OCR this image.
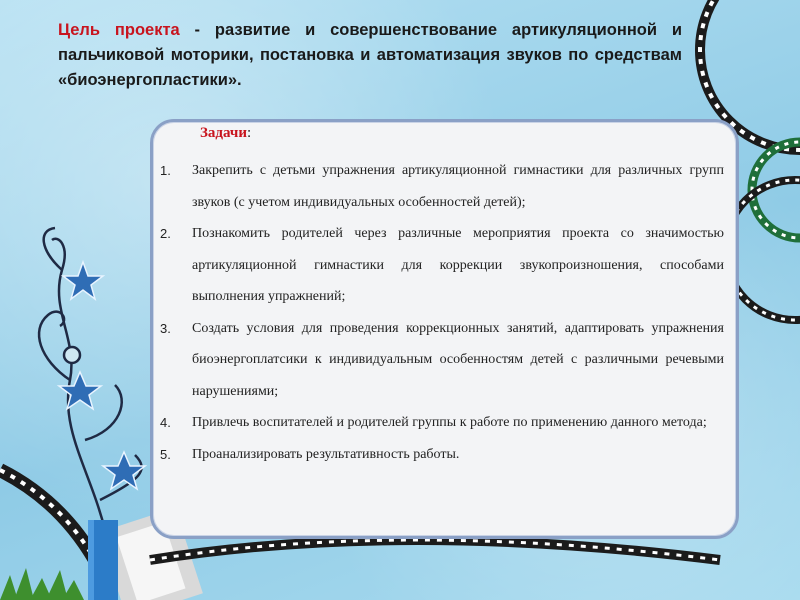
Цель проекта - развитие и совершенствование артикуляционной и пальчиковой моторики, постановка и автоматизация звуков по средствам «биоэнергопластики».
Задачи:
1. Закрепить с детьми упражнения артикуляционной гимнастики для различных групп звуков (с учетом индивидуальных особенностей детей);
2. Познакомить родителей через различные мероприятия проекта со значимостью артикуляционной гимнастики для коррекции звукопроизношения, способами выполнения упражнений;
3. Создать условия для проведения коррекционных занятий, адаптировать упражнения биоэнергоплатсики к индивидуальным особенностям детей с различными речевыми нарушениями;
4. Привлечь воспитателей и родителей группы к работе по применению данного метода;
5. Проанализировать результативность работы.
